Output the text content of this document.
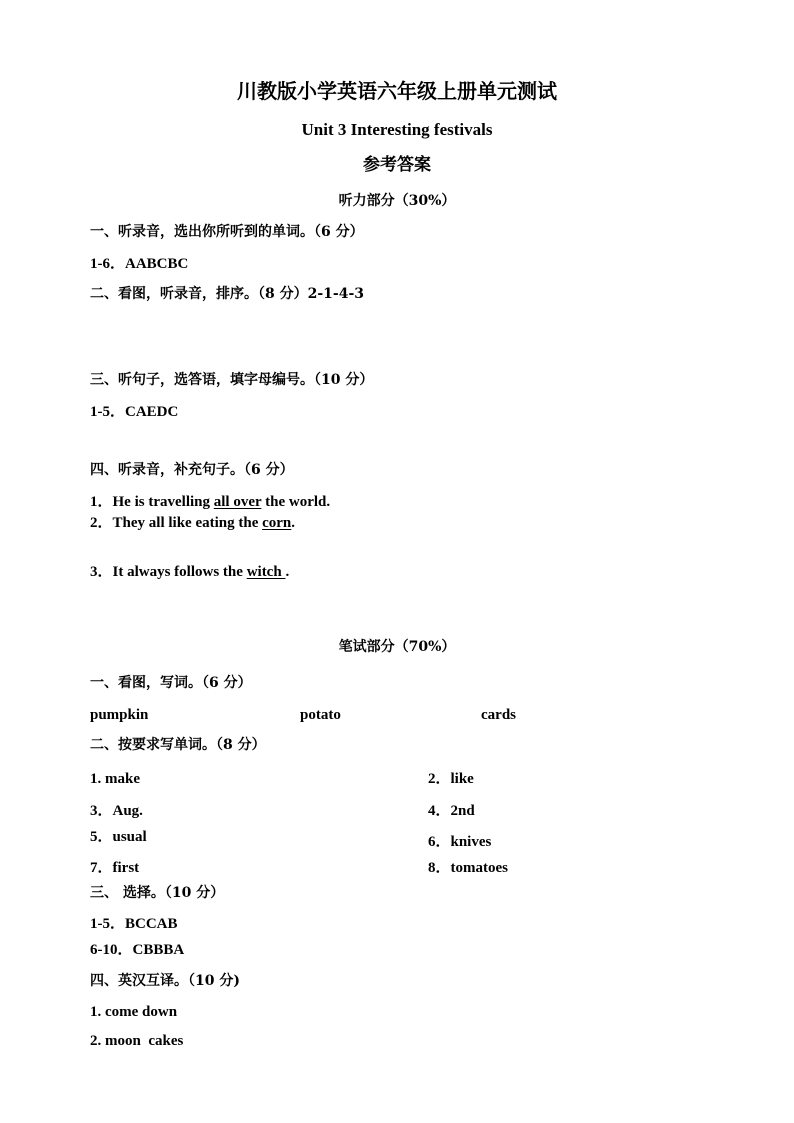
川教版小学英语六年级上册单元测试
Unit 3 Interesting festivals
参考答案
听力部分（30%）
一、听录音，选出你所听到的单词。（6 分）
1-6．AABCBC
二、看图，听录音，排序。（8 分）2-1-4-3
三、听句子，选答语，填字母编号。（10 分）
1-5．CAEDC
四、听录音，补充句子。（6 分）
1．He is travelling all over the world.
2．They all like eating the corn.
3．It always follows the witch .
笔试部分（70%）
一、看图，写词。（6 分）
pumpkin	potato	cards
二、按要求写单词。（8 分）
1. make	2．like
3．Aug.	4．2nd
5．usual	6．knives
7．first	8．tomatoes
三、 选择。（10 分）
1-5．BCCAB
6-10．CBBBA
四、英汉互译。（10 分)
1. come down
2. moon  cakes
